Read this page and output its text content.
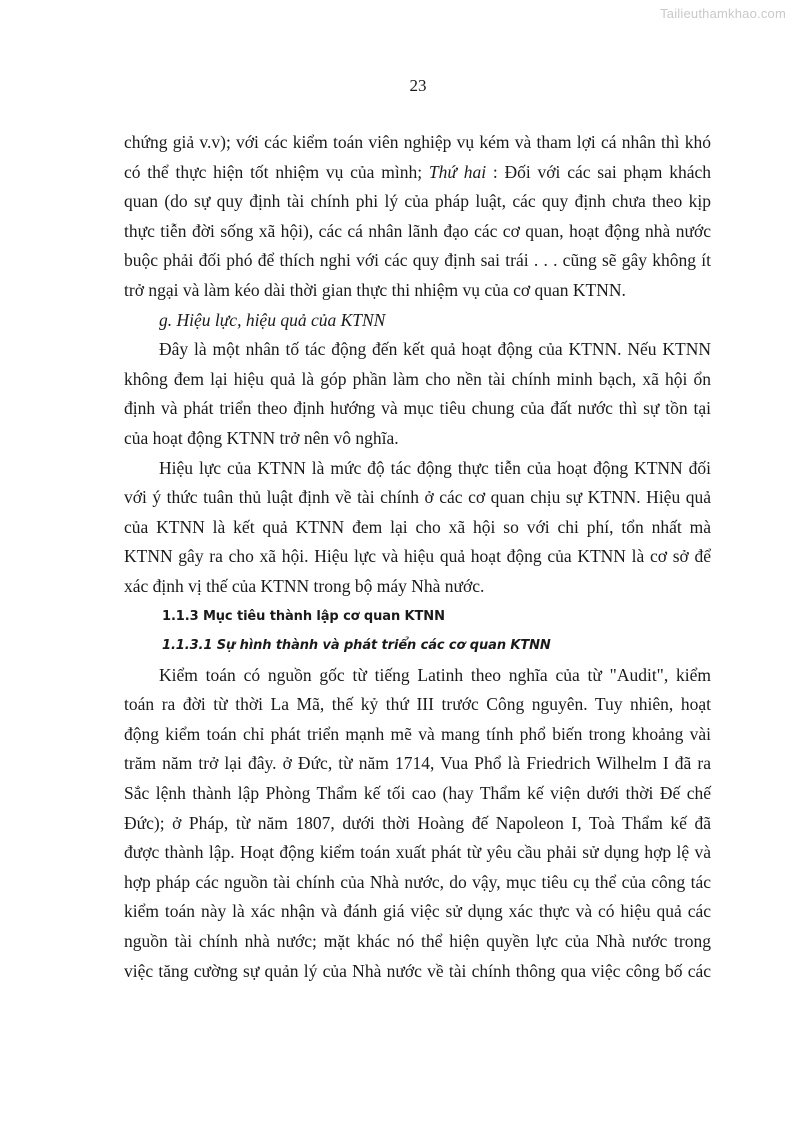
Tailieuthamkhao.com
23
chứng giả v.v); với các kiểm toán viên nghiệp vụ kém và tham lợi cá nhân thì khó
có thể thực hiện tốt nhiệm vụ của mình; Thứ hai : Đối với các sai phạm khách
quan (do sự quy định tài chính phi lý của pháp luật, các quy định chưa theo kịp
thực tiễn đời sống xã hội), các cá nhân lãnh đạo các cơ quan, hoạt động nhà nước
buộc phải đối phó để thích nghi với các quy định sai trái . . . cũng sẽ gây không ít
trở ngại và làm kéo dài thời gian thực thi nhiệm vụ của cơ quan KTNN.
g. Hiệu lực, hiệu quả của KTNN
Đây là một nhân tố tác động đến kết quả hoạt động của KTNN. Nếu KTNN
không đem lại hiệu quả là góp phần làm cho nền tài chính minh bạch, xã hội ổn
định và phát triển theo định hướng và mục tiêu chung của đất nước thì sự tồn tại
của hoạt động KTNN trở nên vô nghĩa.
Hiệu lực của KTNN là mức độ tác động thực tiễn của hoạt động KTNN đối
với ý thức tuân thủ luật định về tài chính ở các cơ quan chịu sự KTNN. Hiệu quả
của KTNN là kết quả KTNN đem lại cho xã hội so với chi phí, tổn nhất mà
KTNN gây ra cho xã hội. Hiệu lực và hiệu quả hoạt động của KTNN là cơ sở để
xác định vị thế của KTNN trong bộ máy Nhà nước.
1.1.3 Mục tiêu thành lập cơ quan KTNN
1.1.3.1 Sự hình thành và phát triển các cơ quan KTNN
Kiểm toán có nguồn gốc từ tiếng Latinh theo nghĩa của từ "Audit", kiểm
toán ra đời từ thời La Mã, thế kỷ thứ III trước Công nguyên. Tuy nhiên, hoạt
động kiểm toán chỉ phát triển mạnh mẽ và mang tính phổ biến trong khoảng vài
trăm năm trở lại đây. ở Đức, từ năm 1714, Vua Phổ là Friedrich Wilhelm I đã ra
Sắc lệnh thành lập Phòng Thẩm kế tối cao (hay Thẩm kế viện dưới thời Đế chế
Đức); ở Pháp, từ năm 1807, dưới thời Hoàng đế Napoleon I, Toà Thẩm kế đã
được thành lập. Hoạt động kiểm toán xuất phát từ yêu cầu phải sử dụng hợp lệ và
hợp pháp các nguồn tài chính của Nhà nước, do vậy, mục tiêu cụ thể của công tác
kiểm toán này là xác nhận và đánh giá việc sử dụng xác thực và có hiệu quả các
nguồn tài chính nhà nước; mặt khác nó thể hiện quyền lực của Nhà nước trong
việc tăng cường sự quản lý của Nhà nước về tài chính thông qua việc công bố các
